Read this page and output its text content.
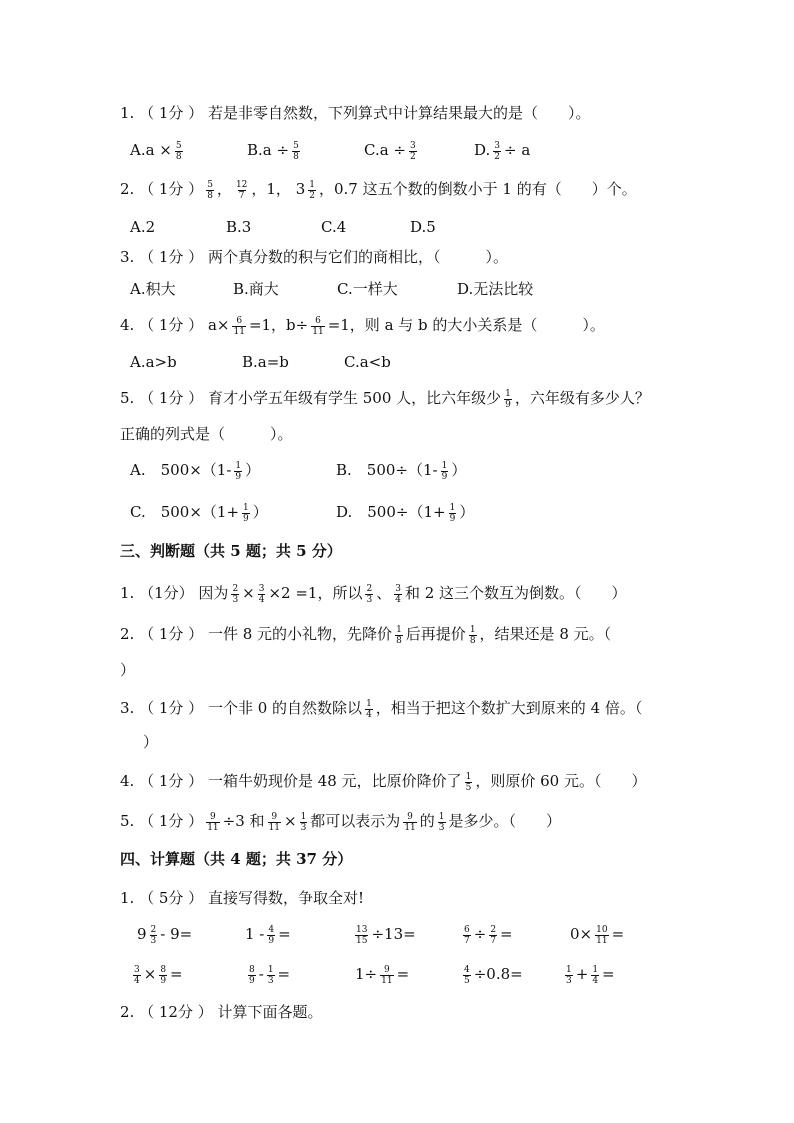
1. （ 1分 ） 若是非零自然数，下列算式中计算结果最大的是（　　）。
$A.a \times \frac{5}{8}$	$B.a \div \frac{5}{8}$	$C.a \div \frac{3}{2}$	D. $\frac{3}{2} \div a$
2. （ 1分 ） $\frac{5}{8}$ ， $\frac{12}{7}$ ，1， $3 \frac{1}{2}$ ，0.7 这五个数的倒数小于 1 的有（　　）个。
A.2	B.3	C.4	D.5
3. （ 1分 ） 两个真分数的积与它们的商相比，（　　　）。
A.积大	B.商大	C.一样大	D.无法比较
4. （ 1分 ） $a\times \frac{6}{11} =1$，$b\div \frac{6}{11} =1$，则 a 与 b 的大小关系是（　　　）。
A.a>b	B.a=b	C.a<b
5. （ 1分 ） 育才小学五年级有学生 500 人，比六年级少 $\frac{1}{9}$ ，六年级有多少人？
正确的列式是（　　　）。
A.　$500\times(1- \frac{1}{9}$ ）	B.　$500\div(1- \frac{1}{9}$ ）
C.　$500\times(1+ \frac{1}{9}$ ）	D.　$500\div(1+ \frac{1}{9}$ ）
三、判断题（共 5 题；共 5 分）
1. （1分） 因为 $\frac{2}{3} \times \frac{3}{4} \times 2 =1$，所以 $\frac{2}{3}$ 、 $\frac{3}{4}$ 和 2 这三个数互为倒数。（　　）
2. （ 1分 ） 一件 8 元的小礼物，先降价 $\frac{1}{8}$ 后再提价 $\frac{1}{8}$ ，结果还是 8 元。（
）
3. （ 1分 ） 一个非 0 的自然数除以 $\frac{1}{4}$ ，相当于把这个数扩大到原来的 4 倍。（
）
4. （ 1分 ） 一箱牛奶现价是 48 元，比原价降价了 $\frac{1}{5}$ ，则原价 60 元。（　　）
5. （ 1分 ） $\frac{9}{11} \div 3$ 和 $\frac{9}{11} \times \frac{1}{3}$ 都可以表示为 $\frac{9}{11}$ 的 $\frac{1}{3}$ 是多少。（　　）
四、计算题（共 4 题；共 37 分）
1. （ 5分 ） 直接写得数，争取全对!
$9 \frac{2}{3} - 9=$	$1 - \frac{4}{9}$ =	$\frac{13}{15} \div 13=$	$\frac{6}{7} \div \frac{2}{7}$ =	$0\times \frac{10}{11}$ =
$\frac{3}{4} \times \frac{8}{9}$ =	$\frac{8}{9} - \frac{1}{3}$ =	$1\div \frac{9}{11}$ =	$\frac{4}{5} \div 0.8=$	$\frac{1}{3} + \frac{1}{4}$ =
2. （ 12分 ） 计算下面各题。
